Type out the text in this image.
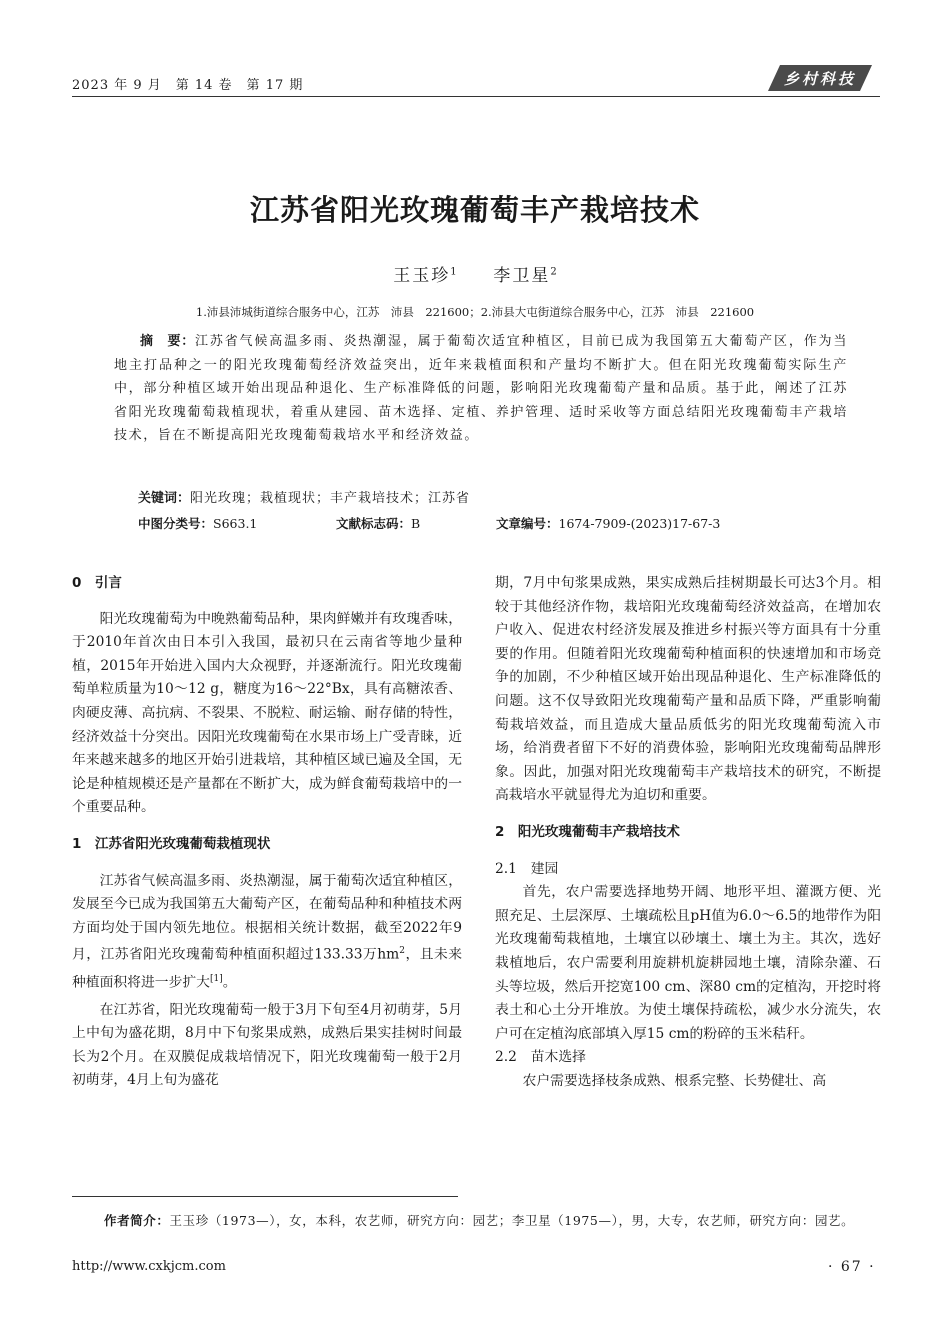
2023 年 9 月　第 14 卷　第 17 期	乡村科技
江苏省阳光玫瑰葡萄丰产栽培技术
王玉珍$^1$ 李卫星$^2$
1.沛县沛城街道综合服务中心，江苏　沛县　221600；2.沛县大屯街道综合服务中心，江苏　沛县　221600
摘　要：江苏省气候高温多雨、炎热潮湿，属于葡萄次适宜种植区，目前已成为我国第五大葡萄产区，作为当地主打品种之一的阳光玫瑰葡萄经济效益突出，近年来栽植面积和产量均不断扩大。但在阳光玫瑰葡萄实际生产中，部分种植区域开始出现品种退化、生产标准降低的问题，影响阳光玫瑰葡萄产量和品质。基于此，阐述了江苏省阳光玫瑰葡萄栽植现状，着重从建园、苗木选择、定植、养护管理、适时采收等方面总结阳光玫瑰葡萄丰产栽培技术，旨在不断提高阳光玫瑰葡萄栽培水平和经济效益。
关键词：阳光玫瑰；栽植现状；丰产栽培技术；江苏省
中图分类号：S663.1	文献标志码：B	文章编号：1674-7909-(2023)17-67-3

0　引言

阳光玫瑰葡萄为中晚熟葡萄品种，果肉鲜嫩并有玫瑰香味，于2010年首次由日本引入我国，最初只在云南省等地少量种植，2015年开始进入国内大众视野，并逐渐流行。阳光玫瑰葡萄单粒质量为10～12 g，糖度为16～22°Bx，具有高糖浓香、肉硬皮薄、高抗病、不裂果、不脱粒、耐运输、耐存储的特性，经济效益十分突出。因阳光玫瑰葡萄在水果市场上广受青睐，近年来越来越多的地区开始引进栽培，其种植区域已遍及全国，无论是种植规模还是产量都在不断扩大，成为鲜食葡萄栽培中的一个重要品种。

1　江苏省阳光玫瑰葡萄栽植现状

江苏省气候高温多雨、炎热潮湿，属于葡萄次适宜种植区，发展至今已成为我国第五大葡萄产区，在葡萄品种和种植技术两方面均处于国内领先地位。根据相关统计数据，截至2022年9月，江苏省阳光玫瑰葡萄种植面积超过133.33万$hm^2$，且未来种植面积将进一步扩大[1]。

在江苏省，阳光玫瑰葡萄一般于3月下旬至4月初萌芽，5月上中旬为盛花期，8月中下旬浆果成熟，成熟后果实挂树时间最长为2个月。在双膜促成栽培情况下，阳光玫瑰葡萄一般于2月初萌芽，4月上旬为盛花

期，7月中旬浆果成熟，果实成熟后挂树期最长可达3个月。相较于其他经济作物，栽培阳光玫瑰葡萄经济效益高，在增加农户收入、促进农村经济发展及推进乡村振兴等方面具有十分重要的作用。但随着阳光玫瑰葡萄种植面积的快速增加和市场竞争的加剧，不少种植区域开始出现品种退化、生产标准降低的问题。这不仅导致阳光玫瑰葡萄产量和品质下降，严重影响葡萄栽培效益，而且造成大量品质低劣的阳光玫瑰葡萄流入市场，给消费者留下不好的消费体验，影响阳光玫瑰葡萄品牌形象。因此，加强对阳光玫瑰葡萄丰产栽培技术的研究，不断提高栽培水平就显得尤为迫切和重要。

2　阳光玫瑰葡萄丰产栽培技术

2.1　建园

首先，农户需要选择地势开阔、地形平坦、灌溉方便、光照充足、土层深厚、土壤疏松且pH值为6.0～6.5的地带作为阳光玫瑰葡萄栽植地，土壤宜以砂壤土、壤土为主。其次，选好栽植地后，农户需要利用旋耕机旋耕园地土壤，清除杂灌、石头等垃圾，然后开挖宽100 cm、深80 cm的定植沟，开挖时将表土和心土分开堆放。为使土壤保持疏松，减少水分流失，农户可在定植沟底部填入厚15 cm的粉碎的玉米秸秆。

2.2　苗木选择

农户需要选择枝条成熟、根系完整、长势健壮、高

作者简介：王玉珍（1973—），女，本科，农艺师，研究方向：园艺；李卫星（1975—），男，大专，农艺师，研究方向：园艺。
http://www.cxkjcm.com	· 67 ·
